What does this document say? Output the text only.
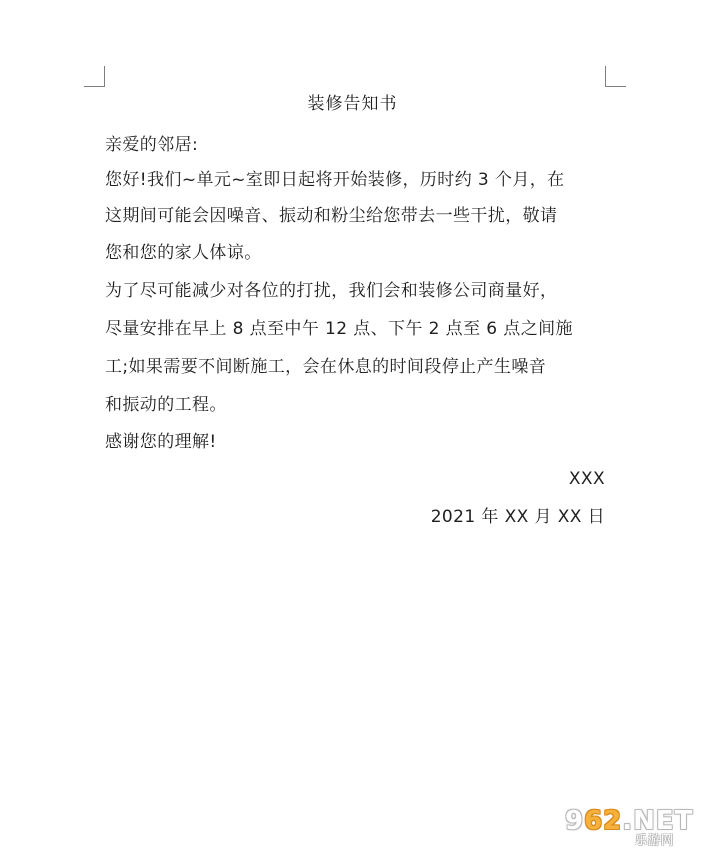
装修告知书
亲爱的邻居:
您好!我们~单元~室即日起将开始装修，历时约 3 个月，在
这期间可能会因噪音、振动和粉尘给您带去一些干扰，敬请
您和您的家人体谅。
为了尽可能减少对各位的打扰，我们会和装修公司商量好，
尽量安排在早上 8 点至中午 12 点、下午 2 点至 6 点之间施
工;如果需要不间断施工，会在休息的时间段停止产生噪音
和振动的工程。
感谢您的理解!
XXX
2021 年 XX 月 XX 日
962.NET
乐游网
